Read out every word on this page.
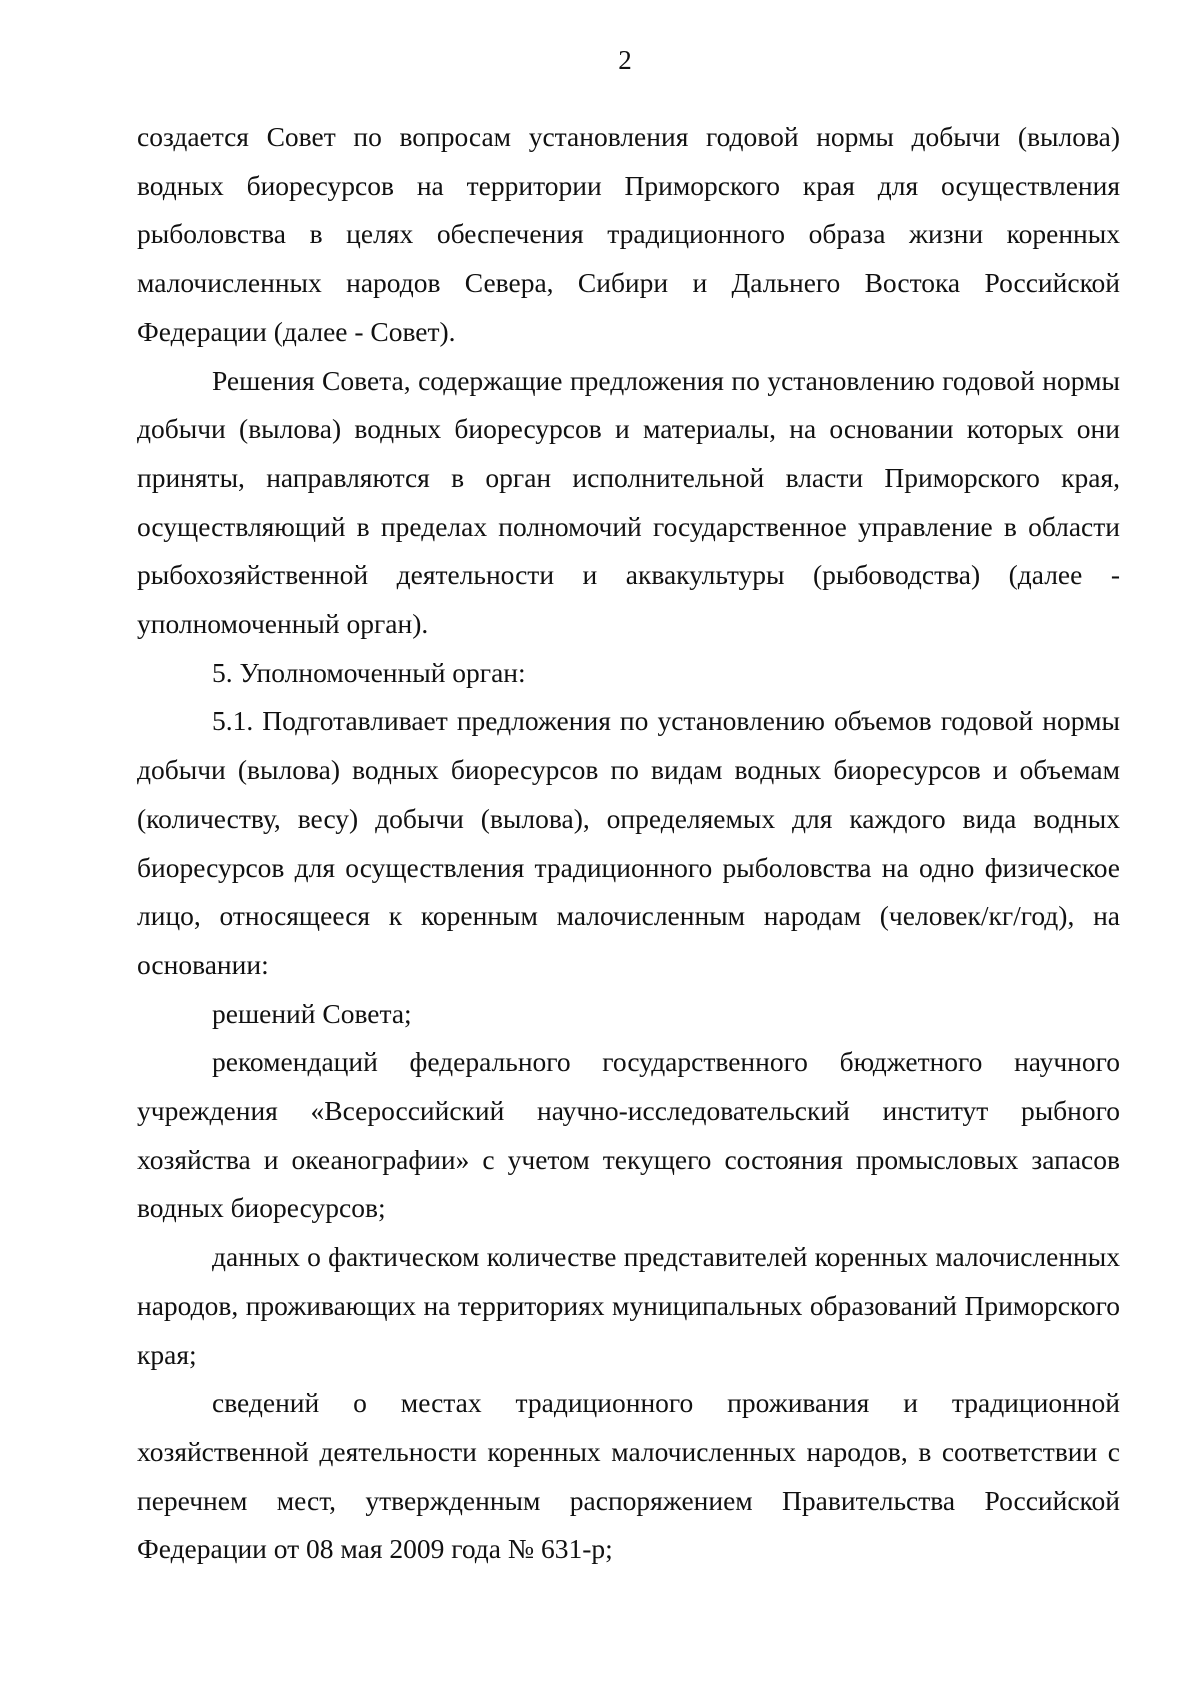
2

создается Совет по вопросам установления годовой нормы добычи (вылова) водных биоресурсов на территории Приморского края для осуществления рыболовства в целях обеспечения традиционного образа жизни коренных малочисленных народов Севера, Сибири и Дальнего Востока Российской Федерации (далее - Совет).

Решения Совета, содержащие предложения по установлению годовой нормы добычи (вылова) водных биоресурсов и материалы, на основании которых они приняты, направляются в орган исполнительной власти Приморского края, осуществляющий в пределах полномочий государственное управление в области рыбохозяйственной деятельности и аквакультуры (рыбоводства) (далее - уполномоченный орган).

5. Уполномоченный орган:

5.1. Подготавливает предложения по установлению объемов годовой нормы добычи (вылова) водных биоресурсов по видам водных биоресурсов и объемам (количеству, весу) добычи (вылова), определяемых для каждого вида водных биоресурсов для осуществления традиционного рыболовства на одно физическое лицо, относящееся к коренным малочисленным народам (человек/кг/год), на основании:

решений Совета;

рекомендаций федерального государственного бюджетного научного учреждения «Всероссийский научно-исследовательский институт рыбного хозяйства и океанографии» с учетом текущего состояния промысловых запасов водных биоресурсов;

данных о фактическом количестве представителей коренных малочисленных народов, проживающих на территориях муниципальных образований Приморского края;

сведений о местах традиционного проживания и традиционной хозяйственной деятельности коренных малочисленных народов, в соответствии с перечнем мест, утвержденным распоряжением Правительства Российской Федерации от 08 мая 2009 года № 631-р;
